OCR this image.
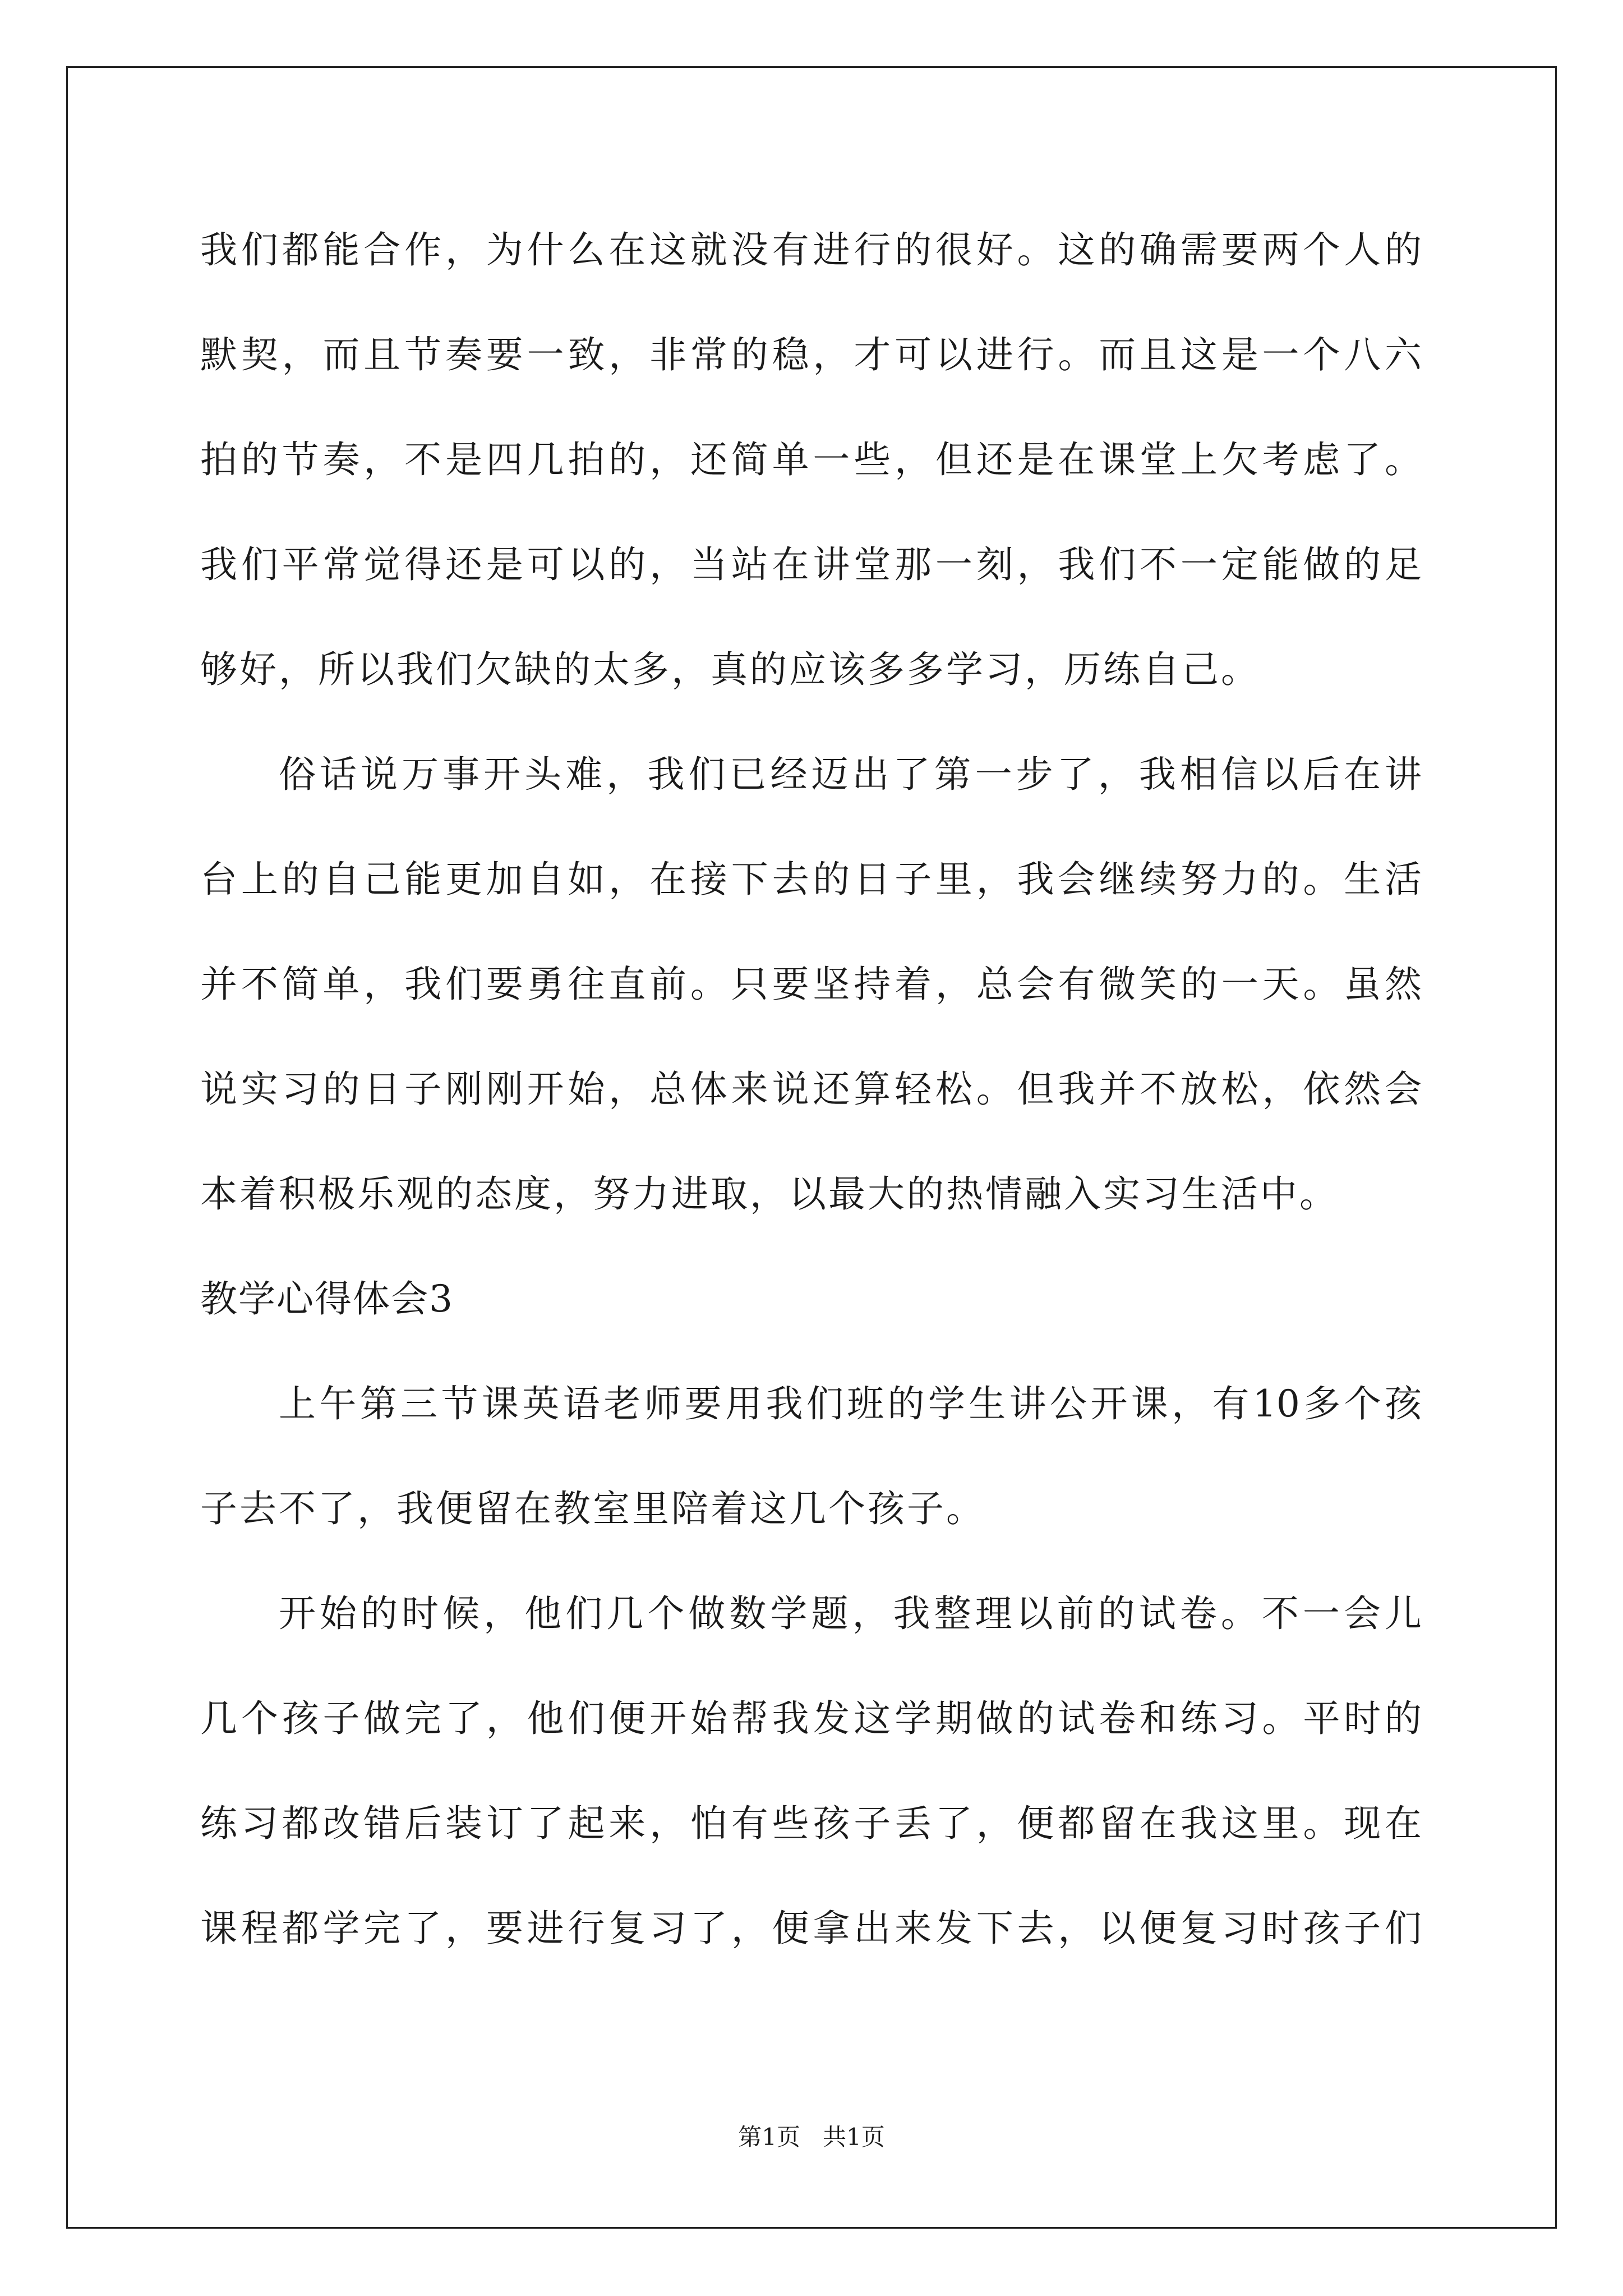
我们都能合作，为什么在这就没有进行的很好。这的确需要两个人的
默契，而且节奏要一致，非常的稳，才可以进行。而且这是一个八六
拍的节奏，不是四几拍的，还简单一些，但还是在课堂上欠考虑了。
我们平常觉得还是可以的，当站在讲堂那一刻，我们不一定能做的足
够好，所以我们欠缺的太多，真的应该多多学习，历练自己。
俗话说万事开头难，我们已经迈出了第一步了，我相信以后在讲
台上的自己能更加自如，在接下去的日子里，我会继续努力的。生活
并不简单，我们要勇往直前。只要坚持着，总会有微笑的一天。虽然
说实习的日子刚刚开始，总体来说还算轻松。但我并不放松，依然会
本着积极乐观的态度，努力进取，以最大的热情融入实习生活中。
教学心得体会3
上午第三节课英语老师要用我们班的学生讲公开课，有10多个孩
子去不了，我便留在教室里陪着这几个孩子。
开始的时候，他们几个做数学题，我整理以前的试卷。不一会儿
几个孩子做完了，他们便开始帮我发这学期做的试卷和练习。平时的
练习都改错后装订了起来，怕有些孩子丢了，便都留在我这里。现在
课程都学完了，要进行复习了，便拿出来发下去，以便复习时孩子们
第1页   共1页
